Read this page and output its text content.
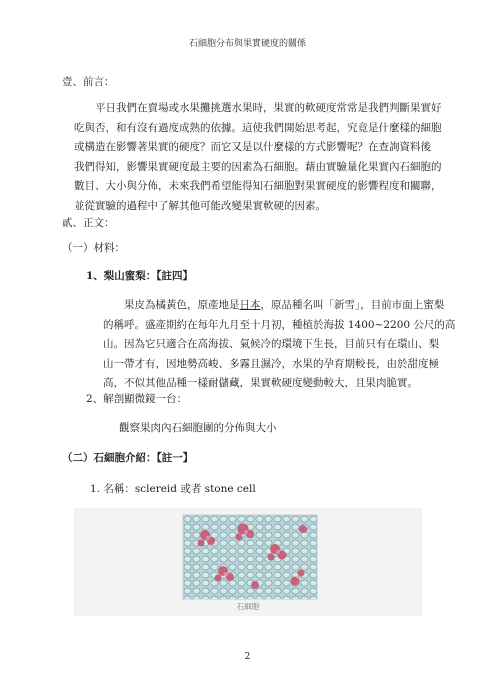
石細胞分布與果實硬度的關係
壹、前言：
平日我們在賣場或水果攤挑選水果時，果實的軟硬度常常是我們判斷果實好
吃與否，和有沒有過度成熟的依據。這使我們開始思考起，究竟是什麼樣的細胞
或構造在影響著果實的硬度？而它又是以什麼樣的方式影響呢？在查詢資料後
我們得知，影響果實硬度最主要的因素為石細胞。藉由實驗量化果實內石細胞的
數目、大小與分佈，未來我們希望能得知石細胞對果實硬度的影響程度和關聯，
並從實驗的過程中了解其他可能改變果實軟硬的因素。
貳、正文：
（一）材料：
1、梨山蜜梨：【註四】
果皮為橘黃色，原產地是日本，原品種名叫「新雪」，目前市面上蜜梨
的稱呼。盛產期約在每年九月至十月初，種植於海拔 1400~2200 公尺的高
山。因為它只適合在高海拔、氣候冷的環境下生長，目前只有在環山、梨
山一帶才有，因地勢高峻、多霧且濕冷，水果的孕育期較長，由於甜度極
高，不似其他品種一樣耐儲藏，果實軟硬度變動較大，且果肉脆實。
2、解剖顯微鏡一台：
觀察果肉內石細胞團的分佈與大小
（二）石細胞介紹：【註一】
1. 名稱：sclereid 或者 stone cell
石細胞
2
